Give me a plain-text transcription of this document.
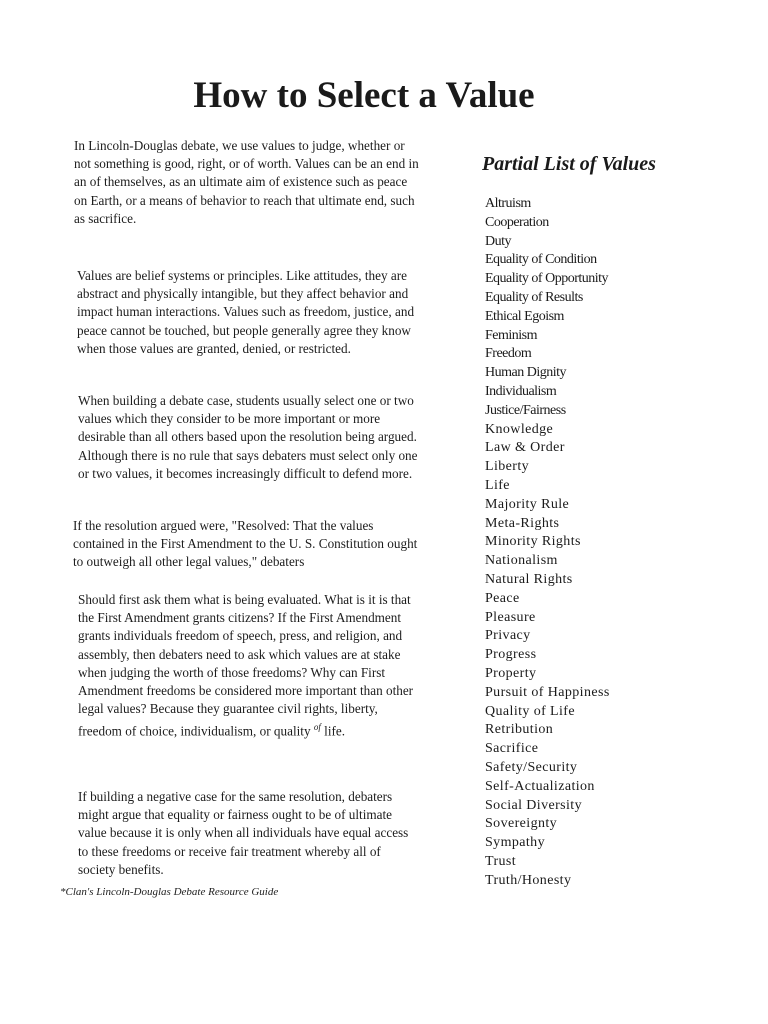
How to Select a Value

In Lincoln-Douglas debate, we use values to judge, whether or not something is good, right, or of worth. Values can be an end in an of themselves, as an ultimate aim of existence such as peace on Earth, or a means of behavior to reach that ultimate end, such as sacrifice.

Values are belief systems or principles. Like attitudes, they are abstract and physically intangible, but they affect behavior and impact human interactions. Values such as freedom, justice, and peace cannot be touched, but people generally agree they know when those values are granted, denied, or restricted.

When building a debate case, students usually select one or two values which they consider to be more important or more desirable than all others based upon the resolution being argued. Although there is no rule that says debaters must select only one or two values, it becomes increasingly difficult to defend more.

If the resolution argued were, "Resolved: That the values contained in the First Amendment to the U. S. Constitution ought to outweigh all other legal values," debaters

Should first ask them what is being evaluated. What is it is that the First Amendment grants citizens? If the First Amendment grants individuals freedom of speech, press, and religion, and assembly, then debaters need to ask which values are at stake when judging the worth of those freedoms? Why can First Amendment freedoms be considered more important than other legal values? Because they guarantee civil rights, liberty, freedom of choice, individualism, or quality $^{of}$ life.

If building a negative case for the same resolution, debaters might argue that equality or fairness ought to be of ultimate value because it is only when all individuals have equal access to these freedoms or receive fair treatment whereby all of society benefits.

*Clan's Lincoln-Douglas Debate Resource Guide

Partial List of Values
Altruism
Cooperation
Duty
Equality of Condition
Equality of Opportunity
Equality of Results
Ethical Egoism
Feminism
Freedom
Human Dignity
Individualism
Justice/Fairness
Knowledge
Law & Order
Liberty
Life
Majority Rule
Meta-Rights
Minority Rights
Nationalism
Natural Rights
Peace
Pleasure
Privacy
Progress
Property
Pursuit of Happiness
Quality of Life
Retribution
Sacrifice
Safety/Security
Self-Actualization
Social Diversity
Sovereignty
Sympathy
Trust
Truth/Honesty
